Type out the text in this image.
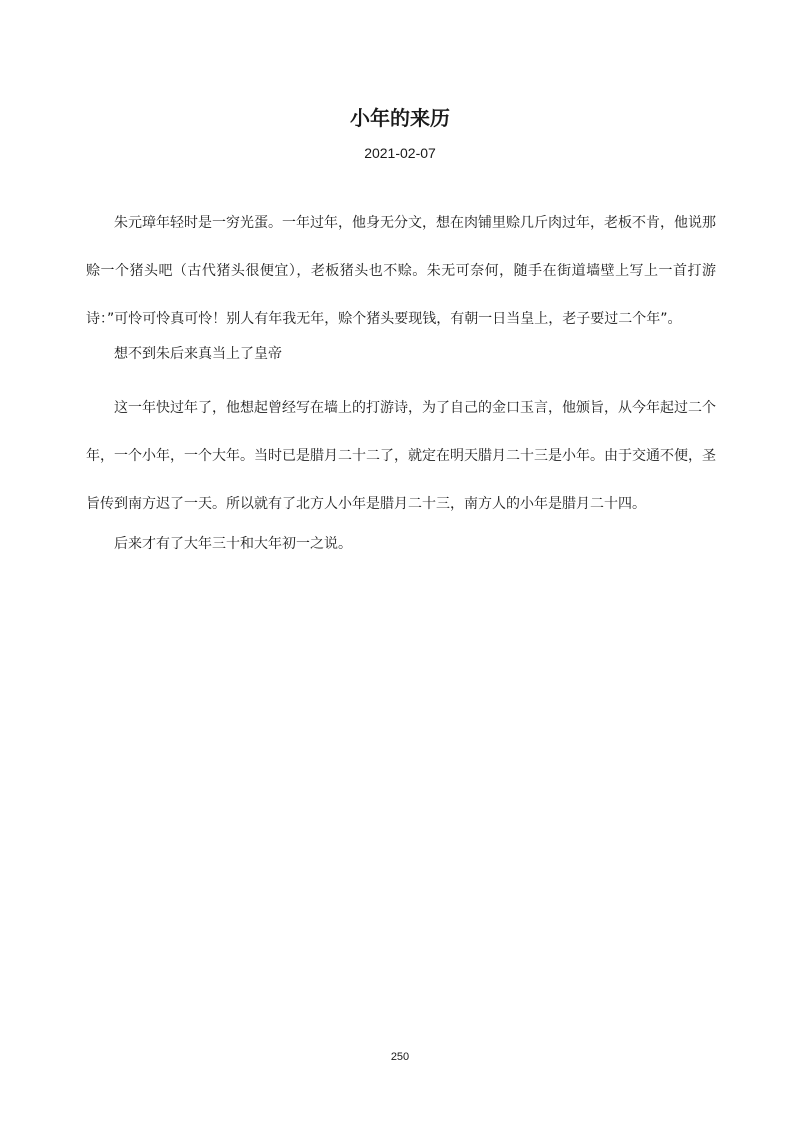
小年的来历
2021-02-07

朱元璋年轻时是一穷光蛋。一年过年，他身无分文，想在肉铺里赊几斤肉过年，老板不肯，他说那赊一个猪头吧（古代猪头很便宜），老板猪头也不赊。朱无可奈何，随手在街道墙壁上写上一首打游诗：”可怜可怜真可怜！别人有年我无年，赊个猪头要现钱，有朝一日当皇上，老子要过二个年”。

想不到朱后来真当上了皇帝

这一年快过年了，他想起曾经写在墙上的打游诗，为了自己的金口玉言，他颁旨，从今年起过二个年，一个小年，一个大年。当时已是腊月二十二了，就定在明天腊月二十三是小年。由于交通不便，圣旨传到南方迟了一天。所以就有了北方人小年是腊月二十三，南方人的小年是腊月二十四。

后来才有了大年三十和大年初一之说。

250
